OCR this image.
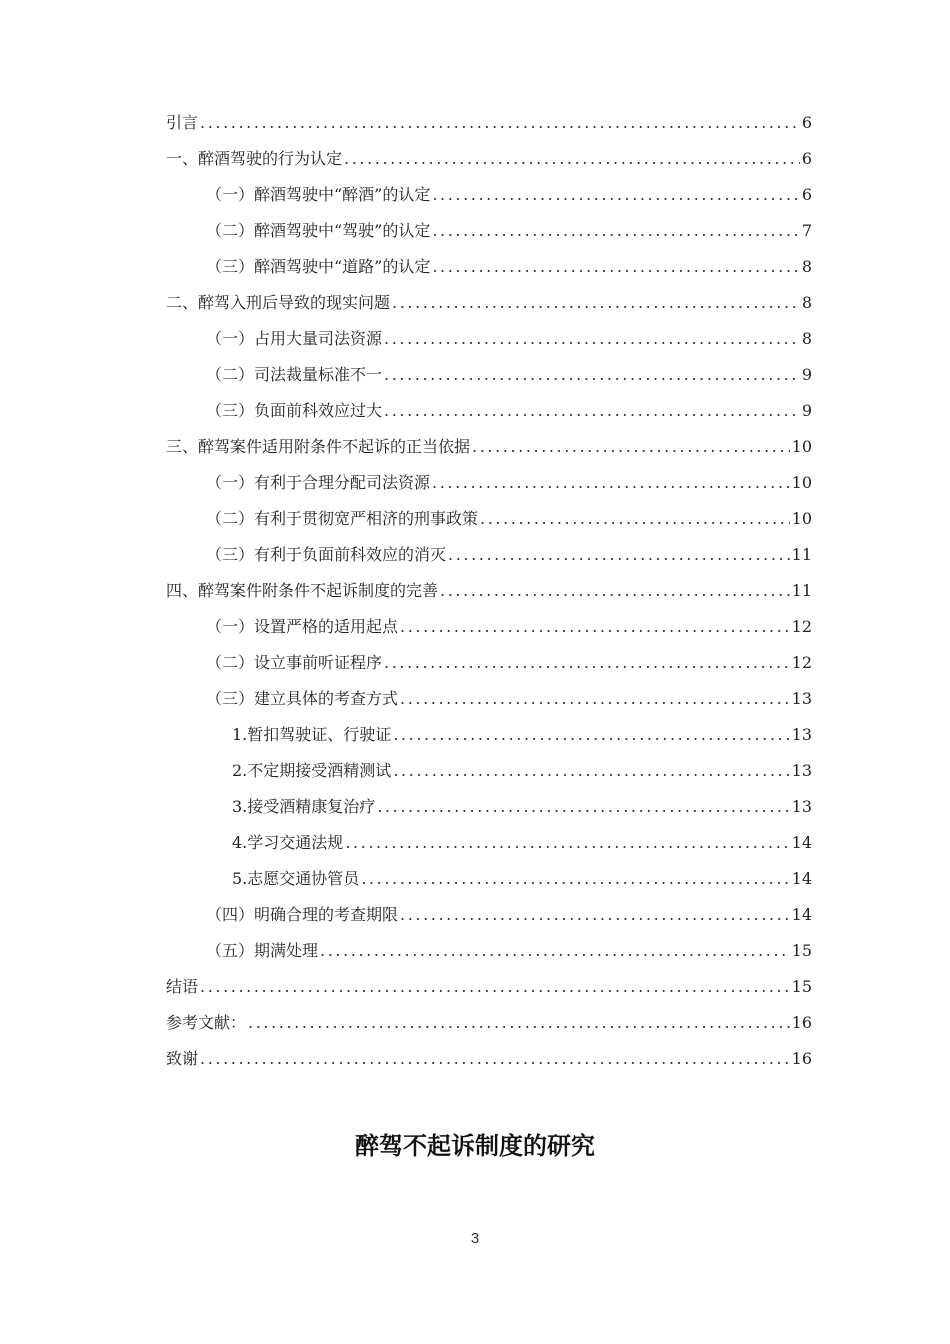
引言 .....	6
一、醉酒驾驶的行为认定 .....	6
（一）醉酒驾驶中“醉酒”的认定 .....	6
（二）醉酒驾驶中“驾驶”的认定 .....	7
（三）醉酒驾驶中“道路”的认定 .....	8
二、醉驾入刑后导致的现实问题 .....	8
（一）占用大量司法资源 .....	8
（二）司法裁量标准不一 .....	9
（三）负面前科效应过大 .....	9
三、醉驾案件适用附条件不起诉的正当依据 .....	10
（一）有利于合理分配司法资源 .....	10
（二）有利于贯彻宽严相济的刑事政策 .....	10
（三）有利于负面前科效应的消灭 .....	11
四、醉驾案件附条件不起诉制度的完善 .....	11
（一）设置严格的适用起点 .....	12
（二）设立事前听证程序 .....	12
（三）建立具体的考查方式 .....	13
1.暂扣驾驶证、行驶证 .....	13
2.不定期接受酒精测试 .....	13
3.接受酒精康复治疗 .....	13
4.学习交通法规 .....	14
5.志愿交通协管员 .....	14
（四）明确合理的考查期限 .....	14
（五）期满处理 .....	15
结语 .....	15
参考文献： .....	16
致谢 .....	16
醉驾不起诉制度的研究
3
